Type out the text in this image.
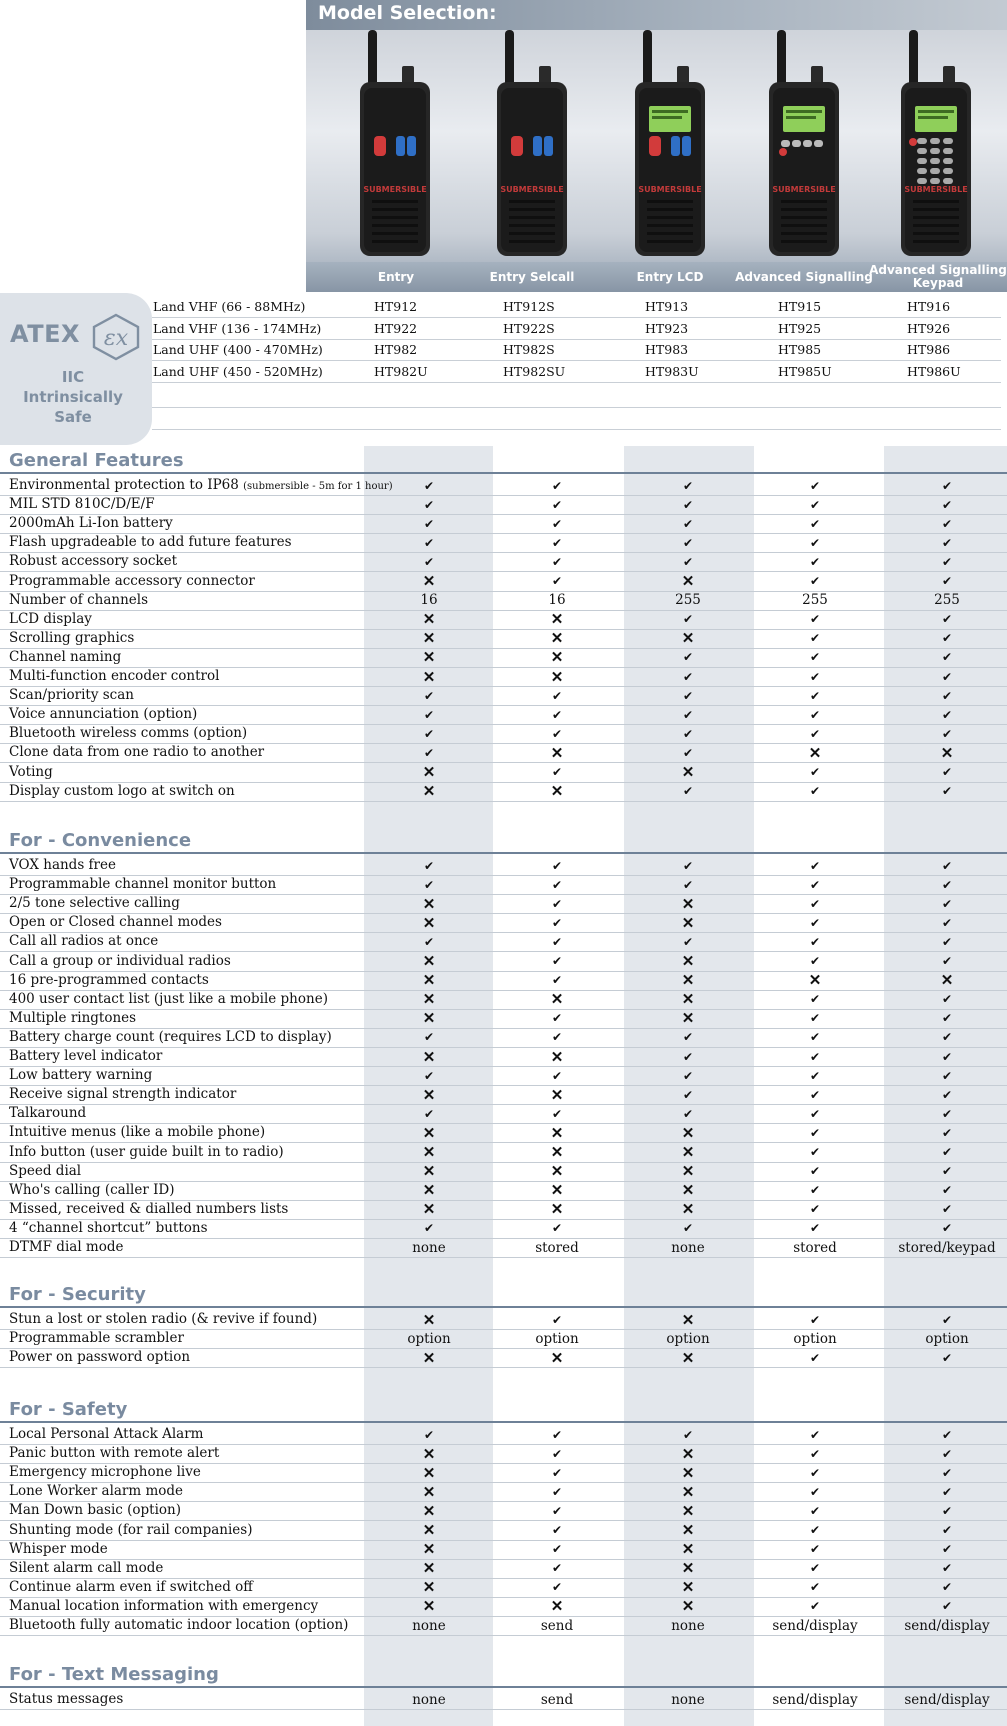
Model Selection:
SUBMERSIBLE	SUBMERSIBLE	SUBMERSIBLE	SUBMERSIBLE	SUBMERSIBLE
Entry	Entry Selcall	Entry LCD	Advanced Signalling
Advanced Signalling Keypad
ATEX εx
IIC
Intrinsically
Safe
Land VHF (66 - 88MHz)	HT912	HT912S	HT913	HT915	HT916
Land VHF (136 - 174MHz)	HT922	HT922S	HT923	HT925	HT926
Land UHF (400 - 470MHz)	HT982	HT982S	HT983	HT985	HT986
Land UHF (450 - 520MHz)	HT982U	HT982SU	HT983U	HT985U	HT986U
General Features
Environmental protection to IP68 (submersible - 5m for 1 hour)	✔	✔	✔	✔	✔
MIL STD 810C/D/E/F	✔	✔	✔	✔	✔
2000mAh Li-Ion battery	✔	✔	✔	✔	✔
Flash upgradeable to add future features	✔	✔	✔	✔	✔
Robust accessory socket	✔	✔	✔	✔	✔
Programmable accessory connector	✕	✔	✕	✔	✔
Number of channels	16	16	255	255	255
LCD display	✕	✕	✔	✔	✔
Scrolling graphics	✕	✕	✕	✔	✔
Channel naming	✕	✕	✔	✔	✔
Multi-function encoder control	✕	✕	✔	✔	✔
Scan/priority scan	✔	✔	✔	✔	✔
Voice annunciation (option)	✔	✔	✔	✔	✔
Bluetooth wireless comms (option)	✔	✔	✔	✔	✔
Clone data from one radio to another	✔	✕	✔	✕	✕
Voting	✕	✔	✕	✔	✔
Display custom logo at switch on	✕	✕	✔	✔	✔
For - Convenience
VOX hands free	✔	✔	✔	✔	✔
Programmable channel monitor button	✔	✔	✔	✔	✔
2/5 tone selective calling	✕	✔	✕	✔	✔
Open or Closed channel modes	✕	✔	✕	✔	✔
Call all radios at once	✔	✔	✔	✔	✔
Call a group or individual radios	✕	✔	✕	✔	✔
16 pre-programmed contacts	✕	✔	✕	✕	✕
400 user contact list (just like a mobile phone)	✕	✕	✕	✔	✔
Multiple ringtones	✕	✔	✕	✔	✔
Battery charge count (requires LCD to display)	✔	✔	✔	✔	✔
Battery level indicator	✕	✕	✔	✔	✔
Low battery warning	✔	✔	✔	✔	✔
Receive signal strength indicator	✕	✕	✔	✔	✔
Talkaround	✔	✔	✔	✔	✔
Intuitive menus (like a mobile phone)	✕	✕	✕	✔	✔
Info button (user guide built in to radio)	✕	✕	✕	✔	✔
Speed dial	✕	✕	✕	✔	✔
Who's calling (caller ID)	✕	✕	✕	✔	✔
Missed, received & dialled numbers lists	✕	✕	✕	✔	✔
4 “channel shortcut” buttons	✔	✔	✔	✔	✔
DTMF dial mode	none	stored	none	stored	stored/keypad
For - Security
Stun a lost or stolen radio (& revive if found)	✕	✔	✕	✔	✔
Programmable scrambler	option	option	option	option	option
Power on password option	✕	✕	✕	✔	✔
For - Safety
Local Personal Attack Alarm	✔	✔	✔	✔	✔
Panic button with remote alert	✕	✔	✕	✔	✔
Emergency microphone live	✕	✔	✕	✔	✔
Lone Worker alarm mode	✕	✔	✕	✔	✔
Man Down basic (option)	✕	✔	✕	✔	✔
Shunting mode (for rail companies)	✕	✔	✕	✔	✔
Whisper mode	✕	✔	✕	✔	✔
Silent alarm call mode	✕	✔	✕	✔	✔
Continue alarm even if switched off	✕	✔	✕	✔	✔
Manual location information with emergency	✕	✕	✕	✔	✔
Bluetooth fully automatic indoor location (option)	none	send	none	send/display	send/display
For - Text Messaging
Status messages	none	send	none	send/display	send/display
